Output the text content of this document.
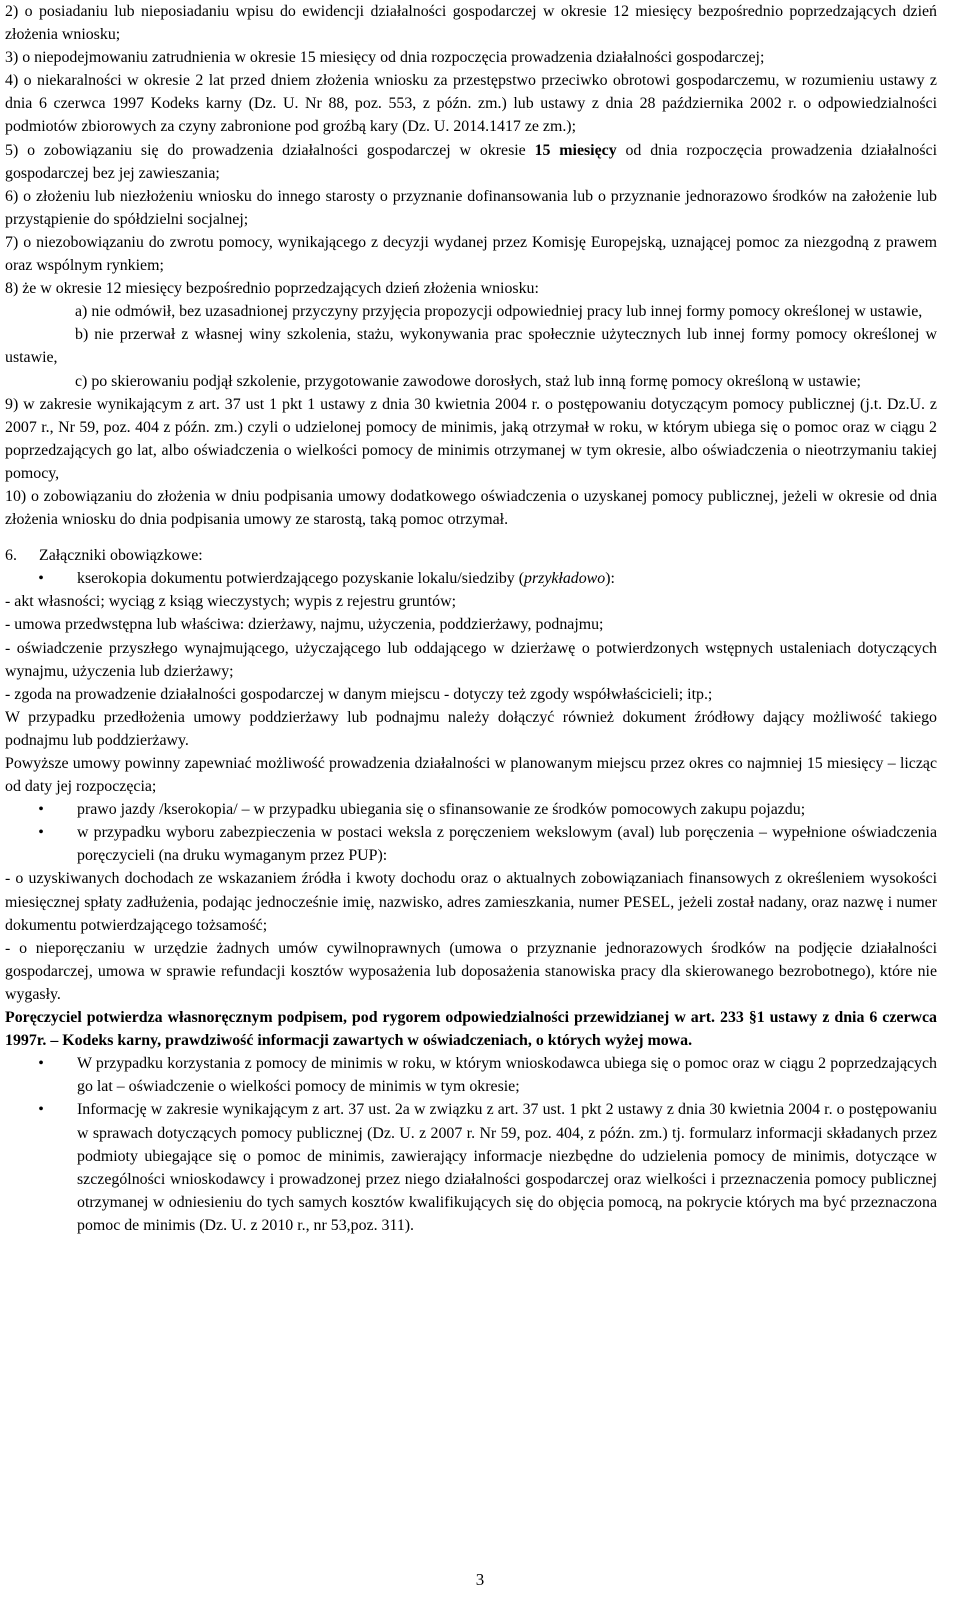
2) o posiadaniu lub nieposiadaniu wpisu do ewidencji działalności gospodarczej w okresie 12 miesięcy bezpośrednio poprzedzających dzień złożenia wniosku;

3) o niepodejmowaniu zatrudnienia w okresie 15 miesięcy od dnia rozpoczęcia prowadzenia działalności gospodarczej;

4) o niekaralności w okresie 2 lat przed dniem złożenia wniosku za przestępstwo przeciwko obrotowi gospodarczemu, w rozumieniu ustawy z dnia 6 czerwca 1997 Kodeks karny (Dz. U. Nr 88, poz. 553, z późn. zm.) lub ustawy z dnia 28 października 2002 r. o odpowiedzialności podmiotów zbiorowych za czyny zabronione pod groźbą kary (Dz. U. 2014.1417 ze zm.);

5) o zobowiązaniu się do prowadzenia działalności gospodarczej w okresie 15 miesięcy od dnia rozpoczęcia prowadzenia działalności gospodarczej bez jej zawieszania;

6) o złożeniu lub niezłożeniu wniosku do innego starosty o przyznanie dofinansowania lub o przyznanie jednorazowo środków na założenie lub przystąpienie do spółdzielni socjalnej;

7) o niezobowiązaniu do zwrotu pomocy, wynikającego z decyzji wydanej przez Komisję Europejską, uznającej pomoc za niezgodną z prawem oraz wspólnym rynkiem;

8) że w okresie 12 miesięcy bezpośrednio poprzedzających dzień złożenia wniosku:

a) nie odmówił, bez uzasadnionej przyczyny przyjęcia propozycji odpowiedniej pracy lub innej formy pomocy określonej w ustawie,

b) nie przerwał z własnej winy szkolenia, stażu, wykonywania prac społecznie użytecznych lub innej formy pomocy określonej w ustawie,

c) po skierowaniu podjął szkolenie, przygotowanie zawodowe dorosłych, staż lub inną formę pomocy określoną w ustawie;

9) w zakresie wynikającym z art. 37 ust 1 pkt 1 ustawy z dnia 30 kwietnia 2004 r. o postępowaniu dotyczącym pomocy publicznej (j.t. Dz.U. z 2007 r., Nr 59, poz. 404 z późn. zm.) czyli o udzielonej pomocy de minimis, jaką otrzymał w roku, w którym ubiega się o pomoc oraz w ciągu 2 poprzedzających go lat, albo oświadczenia o wielkości pomocy de minimis otrzymanej w tym okresie, albo oświadczenia o nieotrzymaniu takiej pomocy,

10) o zobowiązaniu do złożenia w dniu podpisania umowy dodatkowego oświadczenia o uzyskanej pomocy publicznej, jeżeli w okresie od dnia złożenia wniosku do dnia podpisania umowy ze starostą, taką pomoc otrzymał.

6. Załączniki obowiązkowe:

•	kserokopia dokumentu potwierdzającego pozyskanie lokalu/siedziby (przykładowo):

- akt własności; wyciąg z ksiąg wieczystych; wypis z rejestru gruntów;

- umowa przedwstępna lub właściwa: dzierżawy, najmu, użyczenia, poddzierżawy, podnajmu;

- oświadczenie przyszłego wynajmującego, użyczającego lub oddającego w dzierżawę o potwierdzonych wstępnych ustaleniach dotyczących wynajmu, użyczenia lub dzierżawy;

- zgoda na prowadzenie działalności gospodarczej w danym miejscu - dotyczy też zgody współwłaścicieli; itp.;

W przypadku przedłożenia umowy poddzierżawy lub podnajmu należy dołączyć również dokument źródłowy dający możliwość takiego podnajmu lub poddzierżawy.

Powyższe umowy powinny zapewniać możliwość prowadzenia działalności w planowanym miejscu przez okres co najmniej 15 miesięcy – licząc od daty jej rozpoczęcia;

•	prawo jazdy /kserokopia/ – w przypadku ubiegania się o sfinansowanie ze środków pomocowych zakupu pojazdu;
•	w przypadku wyboru zabezpieczenia w postaci weksla z poręczeniem wekslowym (aval) lub poręczenia – wypełnione oświadczenia poręczycieli (na druku wymaganym przez PUP):

- o uzyskiwanych dochodach ze wskazaniem źródła i kwoty dochodu oraz o aktualnych zobowiązaniach finansowych z określeniem wysokości miesięcznej spłaty zadłużenia, podając jednocześnie imię, nazwisko, adres zamieszkania, numer PESEL, jeżeli został nadany, oraz nazwę i numer dokumentu potwierdzającego tożsamość;

- o nieporęczaniu w urzędzie żadnych umów cywilnoprawnych (umowa o przyznanie jednorazowych środków na podjęcie działalności gospodarczej, umowa w sprawie refundacji kosztów wyposażenia lub doposażenia stanowiska pracy dla skierowanego bezrobotnego), które nie wygasły.

Poręczyciel potwierdza własnoręcznym podpisem, pod rygorem odpowiedzialności przewidzianej w art. 233 §1 ustawy z dnia 6 czerwca 1997r. – Kodeks karny, prawdziwość informacji zawartych w oświadczeniach, o których wyżej mowa.

•	W przypadku korzystania z pomocy de minimis w roku, w którym wnioskodawca ubiega się o pomoc oraz w ciągu 2 poprzedzających go lat – oświadczenie o wielkości pomocy de minimis w tym okresie;
•	Informację w zakresie wynikającym z art. 37 ust. 2a w związku z art. 37 ust. 1 pkt 2 ustawy z dnia 30 kwietnia 2004 r. o postępowaniu w sprawach dotyczących pomocy publicznej (Dz. U. z 2007 r. Nr 59, poz. 404, z późn. zm.) tj. formularz informacji składanych przez podmioty ubiegające się o pomoc de minimis, zawierający informacje niezbędne do udzielenia pomocy de minimis, dotyczące w szczególności wnioskodawcy i prowadzonej przez niego działalności gospodarczej oraz wielkości i przeznaczenia pomocy publicznej otrzymanej w odniesieniu do tych samych kosztów kwalifikujących się do objęcia pomocą, na pokrycie których ma być przeznaczona pomoc de minimis (Dz. U. z 2010 r., nr 53,poz. 311).
3
